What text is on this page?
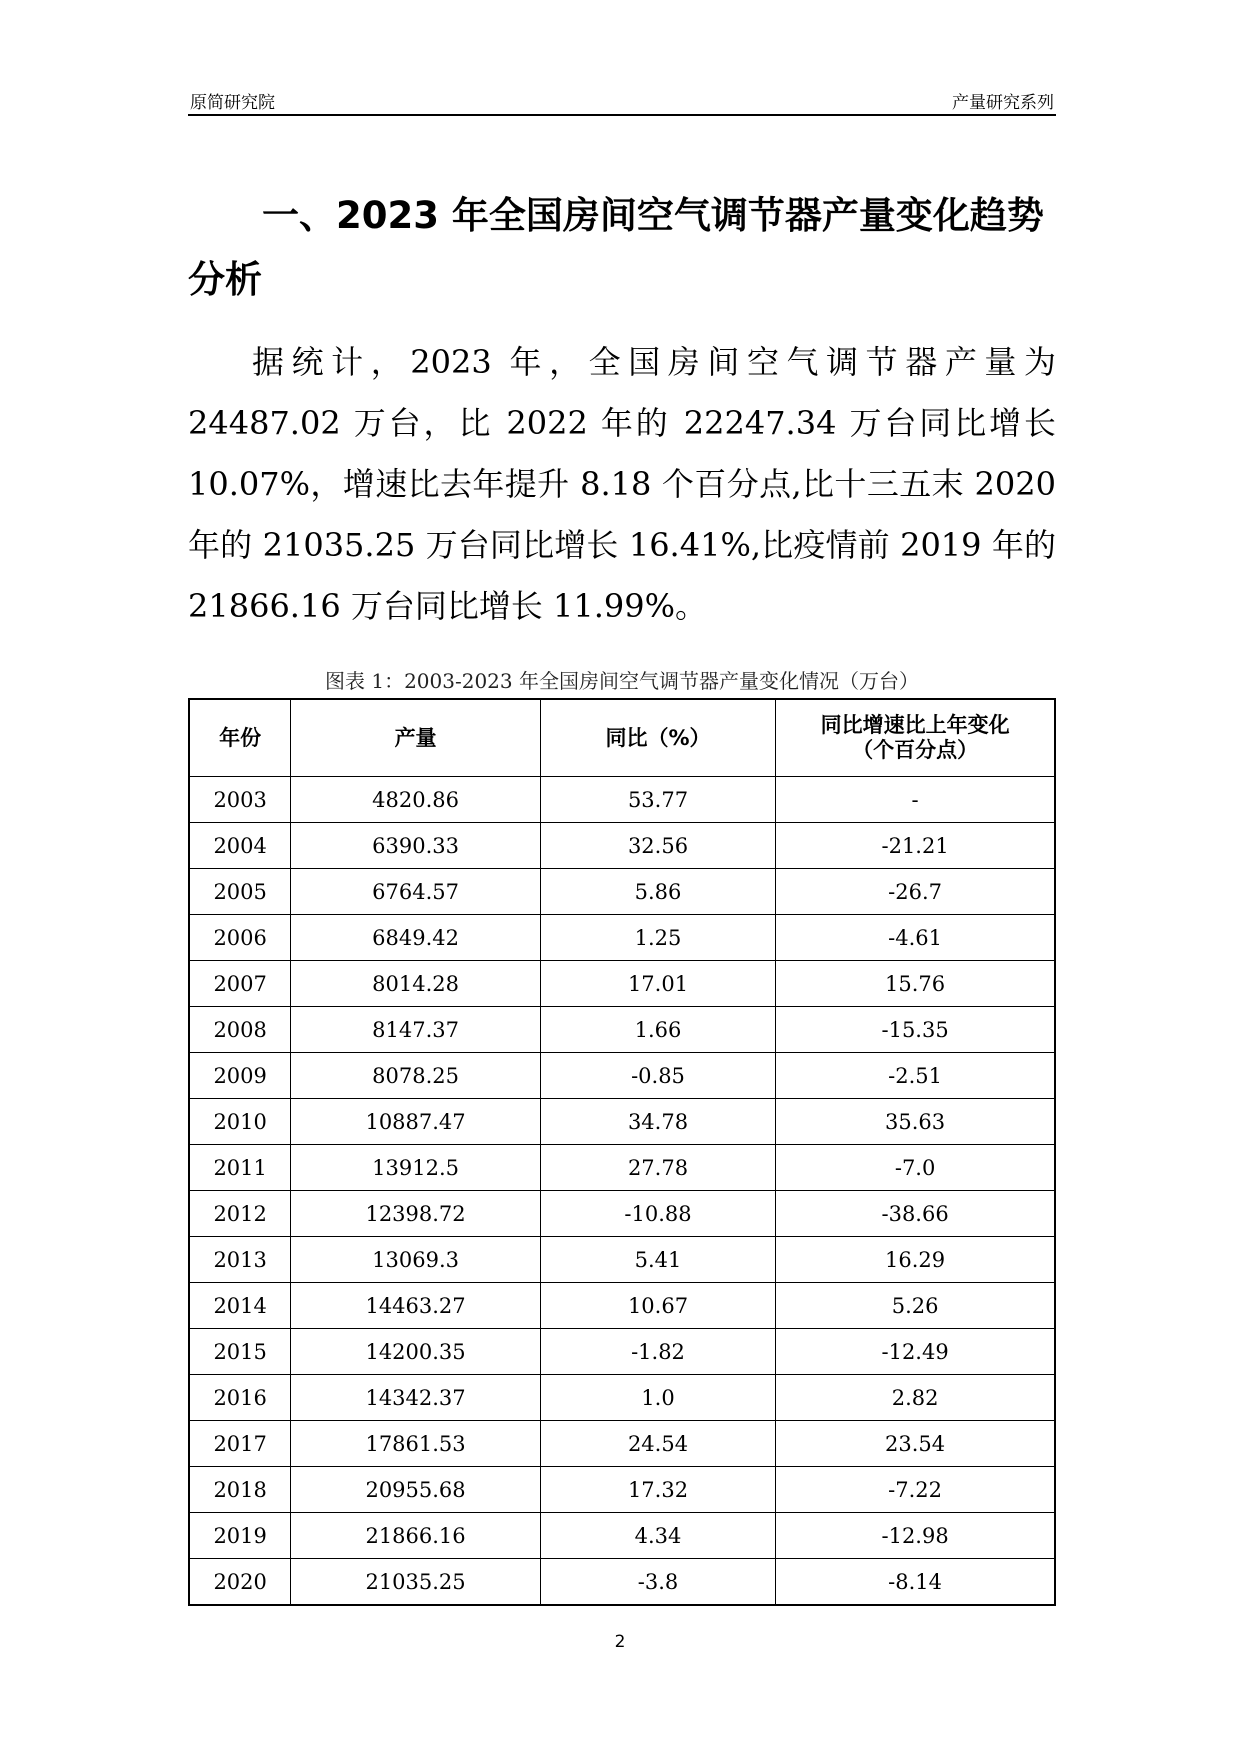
原简研究院	产量研究系列
一、2023 年全国房间空气调节器产量变化趋势分析

据统计，2023 年，全国房间空气调节器产量为 24487.02 万台，比 2022 年的 22247.34 万台同比增长 10.07%，增速比去年提升 8.18 个百分点,比十三五末 2020 年的 21035.25 万台同比增长 16.41%,比疫情前 2019 年的 21866.16 万台同比增长 11.99%。

图表 1：2003-2023 年全国房间空气调节器产量变化情况（万台）
年份	产量	同比（%）	同比增速比上年变化
（个百分点）
2003	4820.86	53.77	-
2004	6390.33	32.56	-21.21
2005	6764.57	5.86	-26.7
2006	6849.42	1.25	-4.61
2007	8014.28	17.01	15.76
2008	8147.37	1.66	-15.35
2009	8078.25	-0.85	-2.51
2010	10887.47	34.78	35.63
2011	13912.5	27.78	-7.0
2012	12398.72	-10.88	-38.66
2013	13069.3	5.41	16.29
2014	14463.27	10.67	5.26
2015	14200.35	-1.82	-12.49
2016	14342.37	1.0	2.82
2017	17861.53	24.54	23.54
2018	20955.68	17.32	-7.22
2019	21866.16	4.34	-12.98
2020	21035.25	-3.8	-8.14
2
